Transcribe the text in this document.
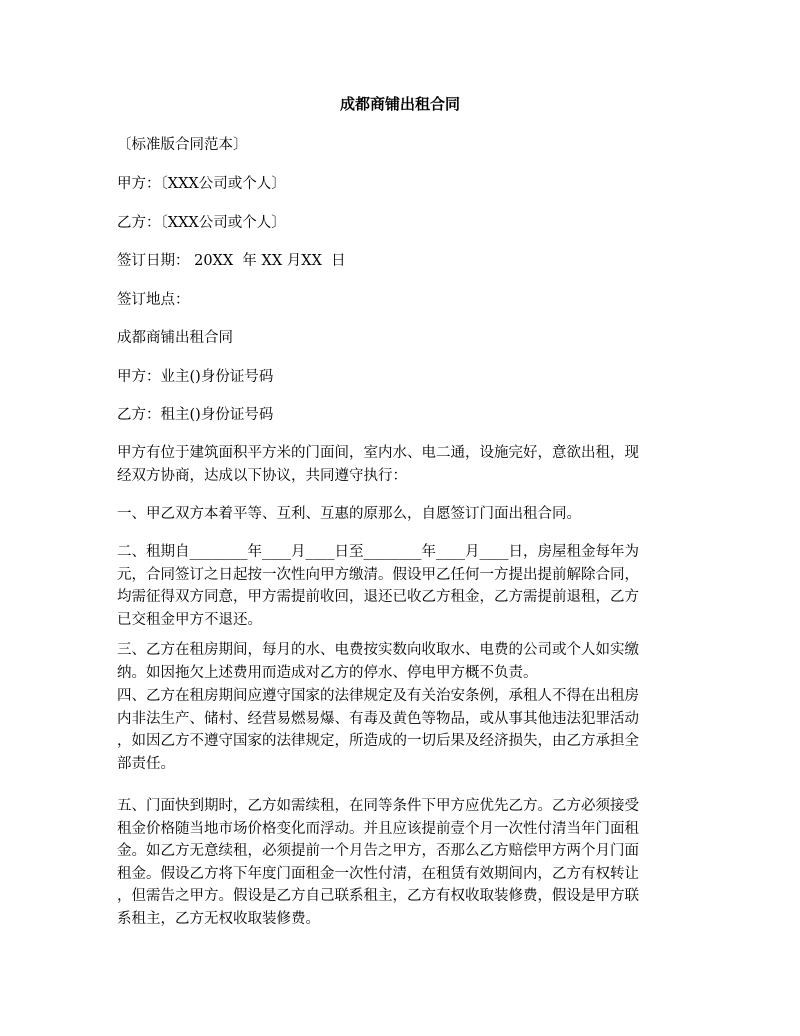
成都商铺出租合同
〔标准版合同范本〕
甲方：〔XXX公司或个人〕
乙方：〔XXX公司或个人〕
签订日期： 20XX  年 XX 月XX  日
签订地点：
成都商铺出租合同
甲方：业主()身份证号码
乙方：租主()身份证号码
甲方有位于建筑面积平方米的门面间，室内水、电二通，设施完好，意欲出租，现
经双方协商，达成以下协议，共同遵守执行：
一、甲乙双方本着平等、互利、互惠的原那么，自愿签订门面出租合同。
二、租期自________年____月____日至________年____月____日，房屋租金每年为
元，合同签订之日起按一次性向甲方缴清。假设甲乙任何一方提出提前解除合同，
均需征得双方同意，甲方需提前收回，退还已收乙方租金，乙方需提前退租，乙方
已交租金甲方不退还。
三、乙方在租房期间，每月的水、电费按实数向收取水、电费的公司或个人如实缴
纳。如因拖欠上述费用而造成对乙方的停水、停电甲方概不负责。
四、乙方在租房期间应遵守国家的法律规定及有关治安条例，承租人不得在出租房
内非法生产、储村、经营易燃易爆、有毒及黄色等物品，或从事其他违法犯罪活动
，如因乙方不遵守国家的法律规定，所造成的一切后果及经济损失，由乙方承担全
部责任。
五、门面快到期时，乙方如需续租，在同等条件下甲方应优先乙方。乙方必须接受
租金价格随当地市场价格变化而浮动。并且应该提前壹个月一次性付清当年门面租
金。如乙方无意续租，必须提前一个月告之甲方，否那么乙方赔偿甲方两个月门面
租金。假设乙方将下年度门面租金一次性付清，在租赁有效期间内，乙方有权转让
，但需告之甲方。假设是乙方自己联系租主，乙方有权收取装修费，假设是甲方联
系租主，乙方无权收取装修费。
